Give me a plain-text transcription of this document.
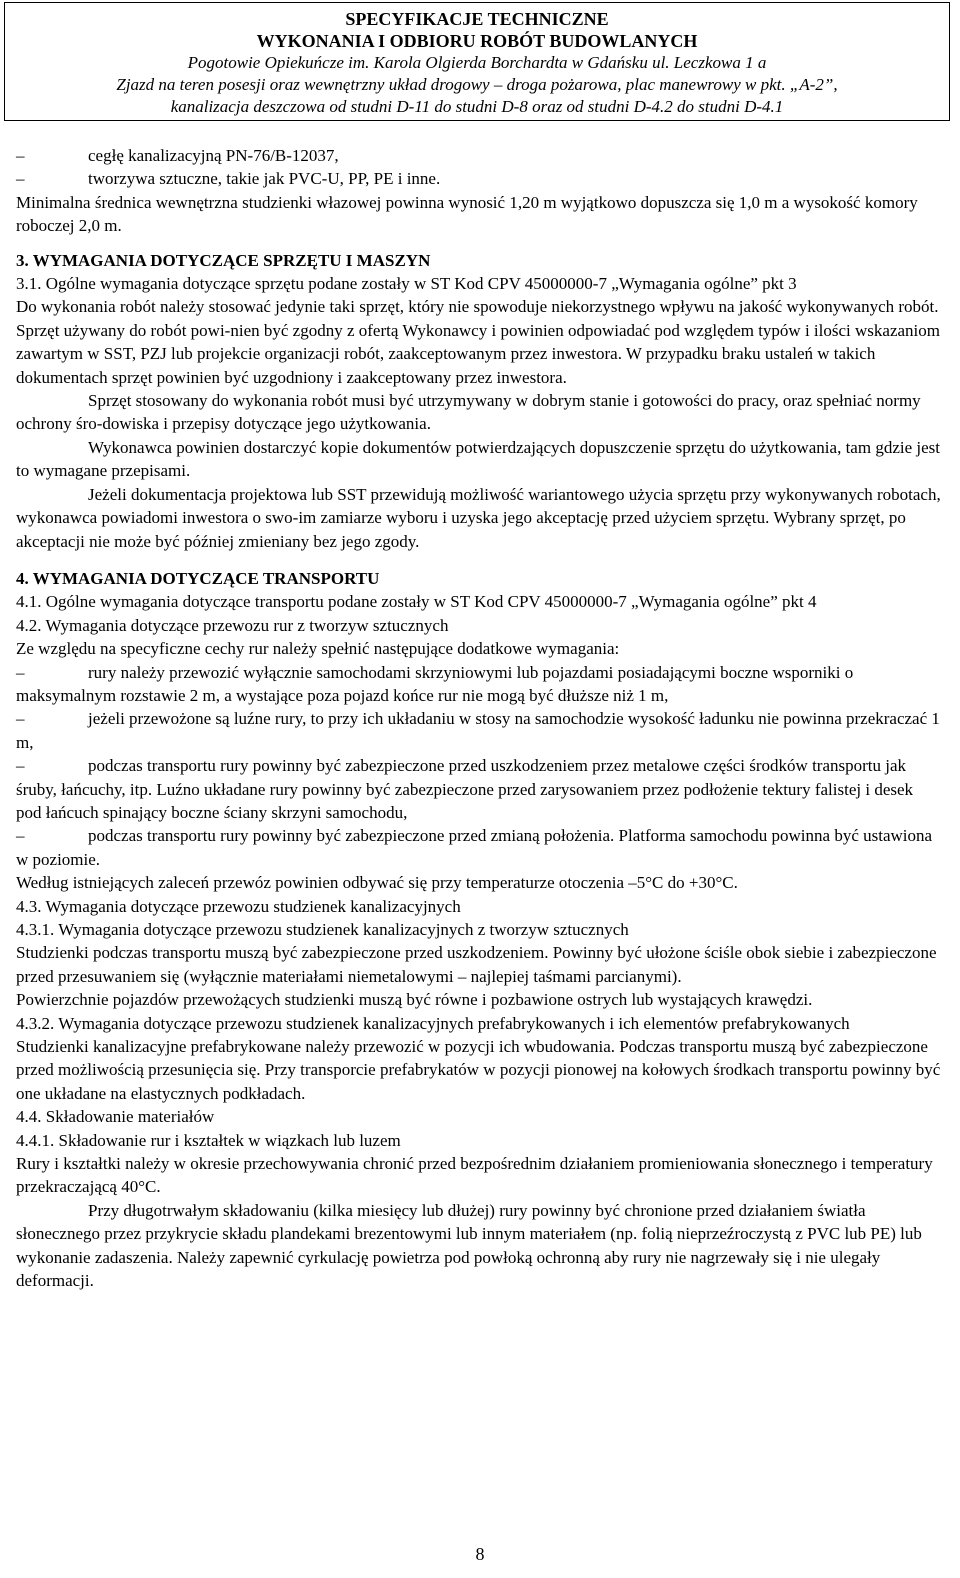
SPECYFIKACJE TECHNICZNE
WYKONANIA I ODBIORU ROBÓT BUDOWLANYCH
Pogotowie Opiekuńcze im. Karola Olgierda Borchardta w Gdańsku ul. Leczkowa 1 a
Zjazd na teren posesji oraz wewnętrzny układ drogowy – droga pożarowa, plac manewrowy w pkt. „A-2”,
kanalizacja deszczowa od studni D-11 do studni D-8 oraz od studni D-4.2 do studni D-4.1

–	cegłę kanalizacyjną PN-76/B-12037,

–	tworzywa sztuczne, takie jak PVC-U, PP, PE i inne.

Minimalna średnica wewnętrzna studzienki włazowej powinna wynosić 1,20 m wyjątkowo dopuszcza się 1,0 m a wysokość komory roboczej 2,0 m.

3. WYMAGANIA DOTYCZĄCE SPRZĘTU I MASZYN

3.1. Ogólne wymagania dotyczące sprzętu podane zostały w ST Kod CPV 45000000-7 „Wymagania ogólne” pkt 3

Do wykonania robót należy stosować jedynie taki sprzęt, który nie spowoduje niekorzystnego wpływu na jakość wykonywanych robót. Sprzęt używany do robót powi-nien być zgodny z ofertą Wykonawcy i powinien odpowiadać pod względem typów i ilości wskazaniom zawartym w SST, PZJ lub projekcie organizacji robót, zaakceptowanym przez inwestora. W przypadku braku ustaleń w takich dokumentach sprzęt powinien być uzgodniony i zaakceptowany przez inwestora.

Sprzęt stosowany do wykonania robót musi być utrzymywany w dobrym stanie i gotowości do pracy, oraz spełniać normy ochrony śro-dowiska i przepisy dotyczące jego użytkowania.

Wykonawca powinien dostarczyć kopie dokumentów potwierdzających dopuszczenie sprzętu do użytkowania, tam gdzie jest to wymagane przepisami.

Jeżeli dokumentacja projektowa lub SST przewidują możliwość wariantowego użycia sprzętu przy wykonywanych robotach, wykonawca powiadomi inwestora o swo-im zamiarze wyboru i uzyska jego akceptację przed użyciem sprzętu. Wybrany sprzęt, po akceptacji nie może być później zmieniany bez jego zgody.

4. WYMAGANIA DOTYCZĄCE TRANSPORTU

4.1. Ogólne wymagania dotyczące transportu podane zostały w ST Kod CPV 45000000-7 „Wymagania ogólne” pkt 4

4.2. Wymagania dotyczące przewozu rur z tworzyw sztucznych

Ze względu na specyficzne cechy rur należy spełnić następujące dodatkowe wymagania:

–	rury należy przewozić wyłącznie samochodami skrzyniowymi lub pojazdami posiadającymi boczne wsporniki o maksymalnym rozstawie 2 m, a wystające poza pojazd końce rur nie mogą być dłuższe niż 1 m,

–	jeżeli przewożone są luźne rury, to przy ich układaniu w stosy na samochodzie wysokość ładunku nie powinna przekraczać 1 m,

–	podczas transportu rury powinny być zabezpieczone przed uszkodzeniem przez metalowe części środków transportu jak śruby, łańcuchy, itp. Luźno układane rury powinny być zabezpieczone przed zarysowaniem przez podłożenie tektury falistej i desek pod łańcuch spinający boczne ściany skrzyni samochodu,

–	podczas transportu rury powinny być zabezpieczone przed zmianą położenia. Platforma samochodu powinna być ustawiona w poziomie.

Według istniejących zaleceń przewóz powinien odbywać się przy temperaturze otoczenia –5°C do +30°C.

4.3. Wymagania dotyczące przewozu studzienek kanalizacyjnych

4.3.1. Wymagania dotyczące przewozu studzienek kanalizacyjnych z tworzyw sztucznych

Studzienki podczas transportu muszą być zabezpieczone przed uszkodzeniem. Powinny być ułożone ściśle obok siebie i zabezpieczone przed przesuwaniem się (wyłącznie materiałami niemetalowymi – najlepiej taśmami parcianymi).

Powierzchnie pojazdów przewożących studzienki muszą być równe i pozbawione ostrych lub wystających krawędzi.

4.3.2. Wymagania dotyczące przewozu studzienek kanalizacyjnych prefabrykowanych i ich elementów prefabrykowanych

Studzienki kanalizacyjne prefabrykowane należy przewozić w pozycji ich wbudowania. Podczas transportu muszą być zabezpieczone przed możliwością przesunięcia się. Przy transporcie prefabrykatów w pozycji pionowej na kołowych środkach transportu powinny być one układane na elastycznych podkładach.

4.4. Składowanie materiałów

4.4.1. Składowanie rur i kształtek w wiązkach lub luzem

Rury i kształtki należy w okresie przechowywania chronić przed bezpośrednim działaniem promieniowania słonecznego i temperatury przekraczającą 40°C.

Przy długotrwałym składowaniu (kilka miesięcy lub dłużej) rury powinny być chronione przed działaniem światła słonecznego przez przykrycie składu plandekami brezentowymi lub innym materiałem (np. folią nieprzeźroczystą z PVC lub PE) lub wykonanie zadaszenia. Należy zapewnić cyrkulację powietrza pod powłoką ochronną aby rury nie nagrzewały się i nie ulegały deformacji.

8
